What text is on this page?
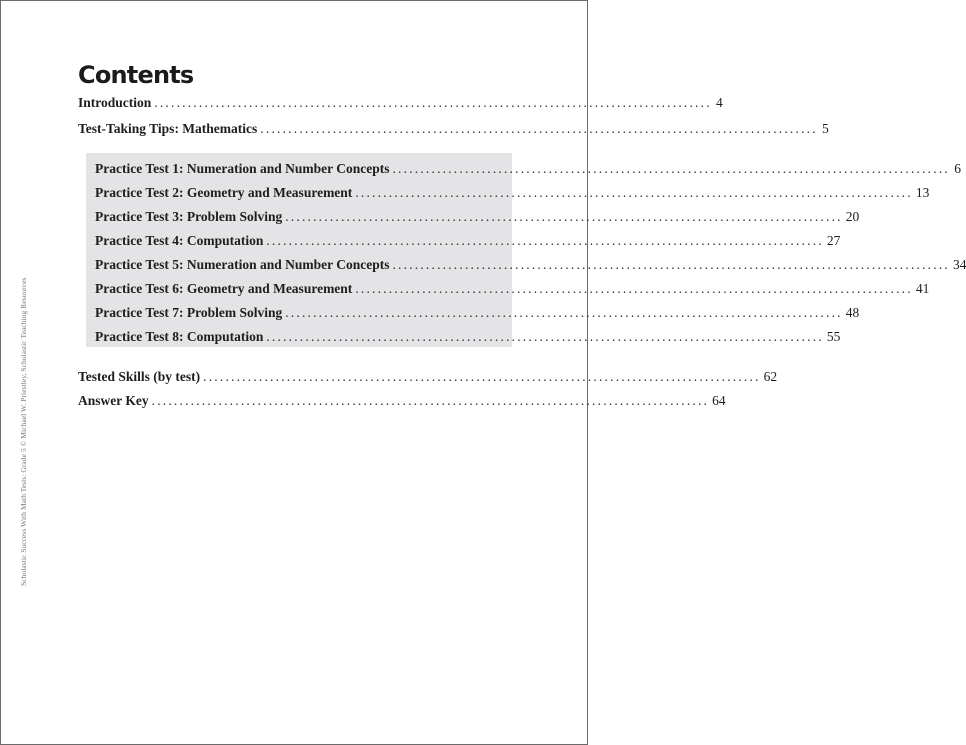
Scholastic Success With Math Tests: Grade 5 © Michael W. Priestley, Scholastic Teaching Resources
Contents
Introduction .................................................................................................... 4
Test-Taking Tips: Mathematics .................................................................................................... 5
Practice Test 1: Numeration and Number Concepts .................................................................................................... 6
Practice Test 2: Geometry and Measurement .................................................................................................... 13
Practice Test 3: Problem Solving .................................................................................................... 20
Practice Test 4: Computation .................................................................................................... 27
Practice Test 5: Numeration and Number Concepts .................................................................................................... 34
Practice Test 6: Geometry and Measurement .................................................................................................... 41
Practice Test 7: Problem Solving .................................................................................................... 48
Practice Test 8: Computation .................................................................................................... 55
Tested Skills (by test) .................................................................................................... 62
Answer Key .................................................................................................... 64
